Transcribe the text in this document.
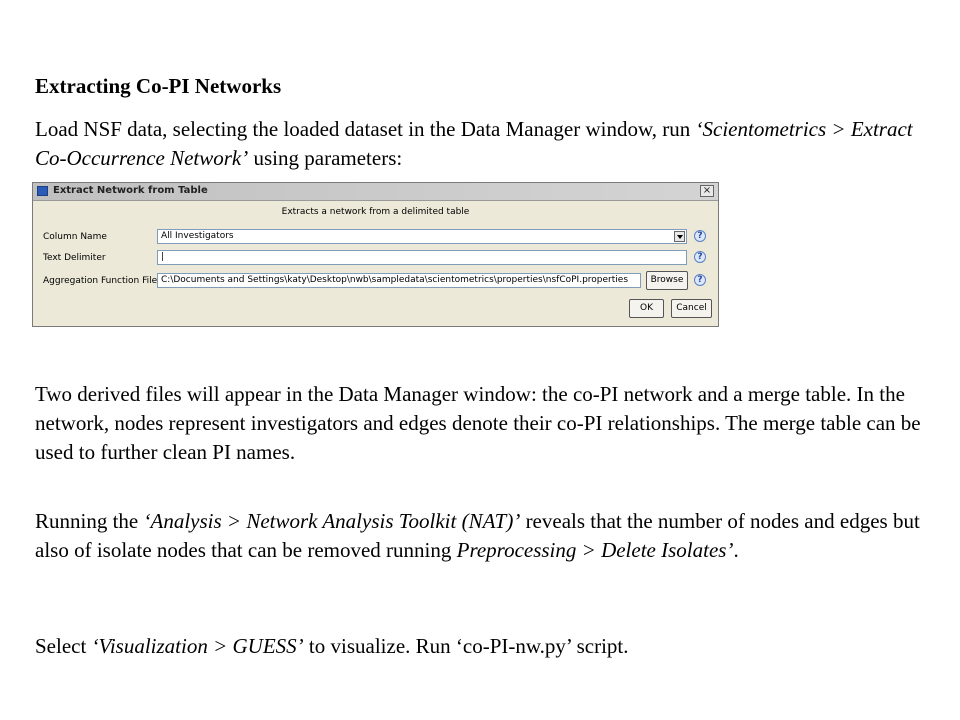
Extracting Co-PI Networks

Load NSF data, selecting the loaded dataset in the Data Manager window, run ‘Scientometrics > Extract Co-Occurrence Network’ using parameters:

Extract Network from Table	×
Extracts a network from a delimited table
Column Name	All Investigators	?
Text Delimiter	|	?
Aggregation Function File C:\Documents and Settings\katy\Desktop\nwb\sampledata\scientometrics\properties\nsfCoPI.properties	Browse	?
OK	Cancel

Two derived files will appear in the Data Manager window: the co-PI network and a merge table. In the network, nodes represent investigators and edges denote their co-PI relationships. The merge table can be used to further clean PI names.

Running the ‘Analysis > Network Analysis Toolkit (NAT)’ reveals that the number of nodes and edges but also of isolate nodes that can be removed running Preprocessing > Delete Isolates’.

Select ‘Visualization > GUESS’ to visualize. Run ‘co-PI-nw.py’ script.
